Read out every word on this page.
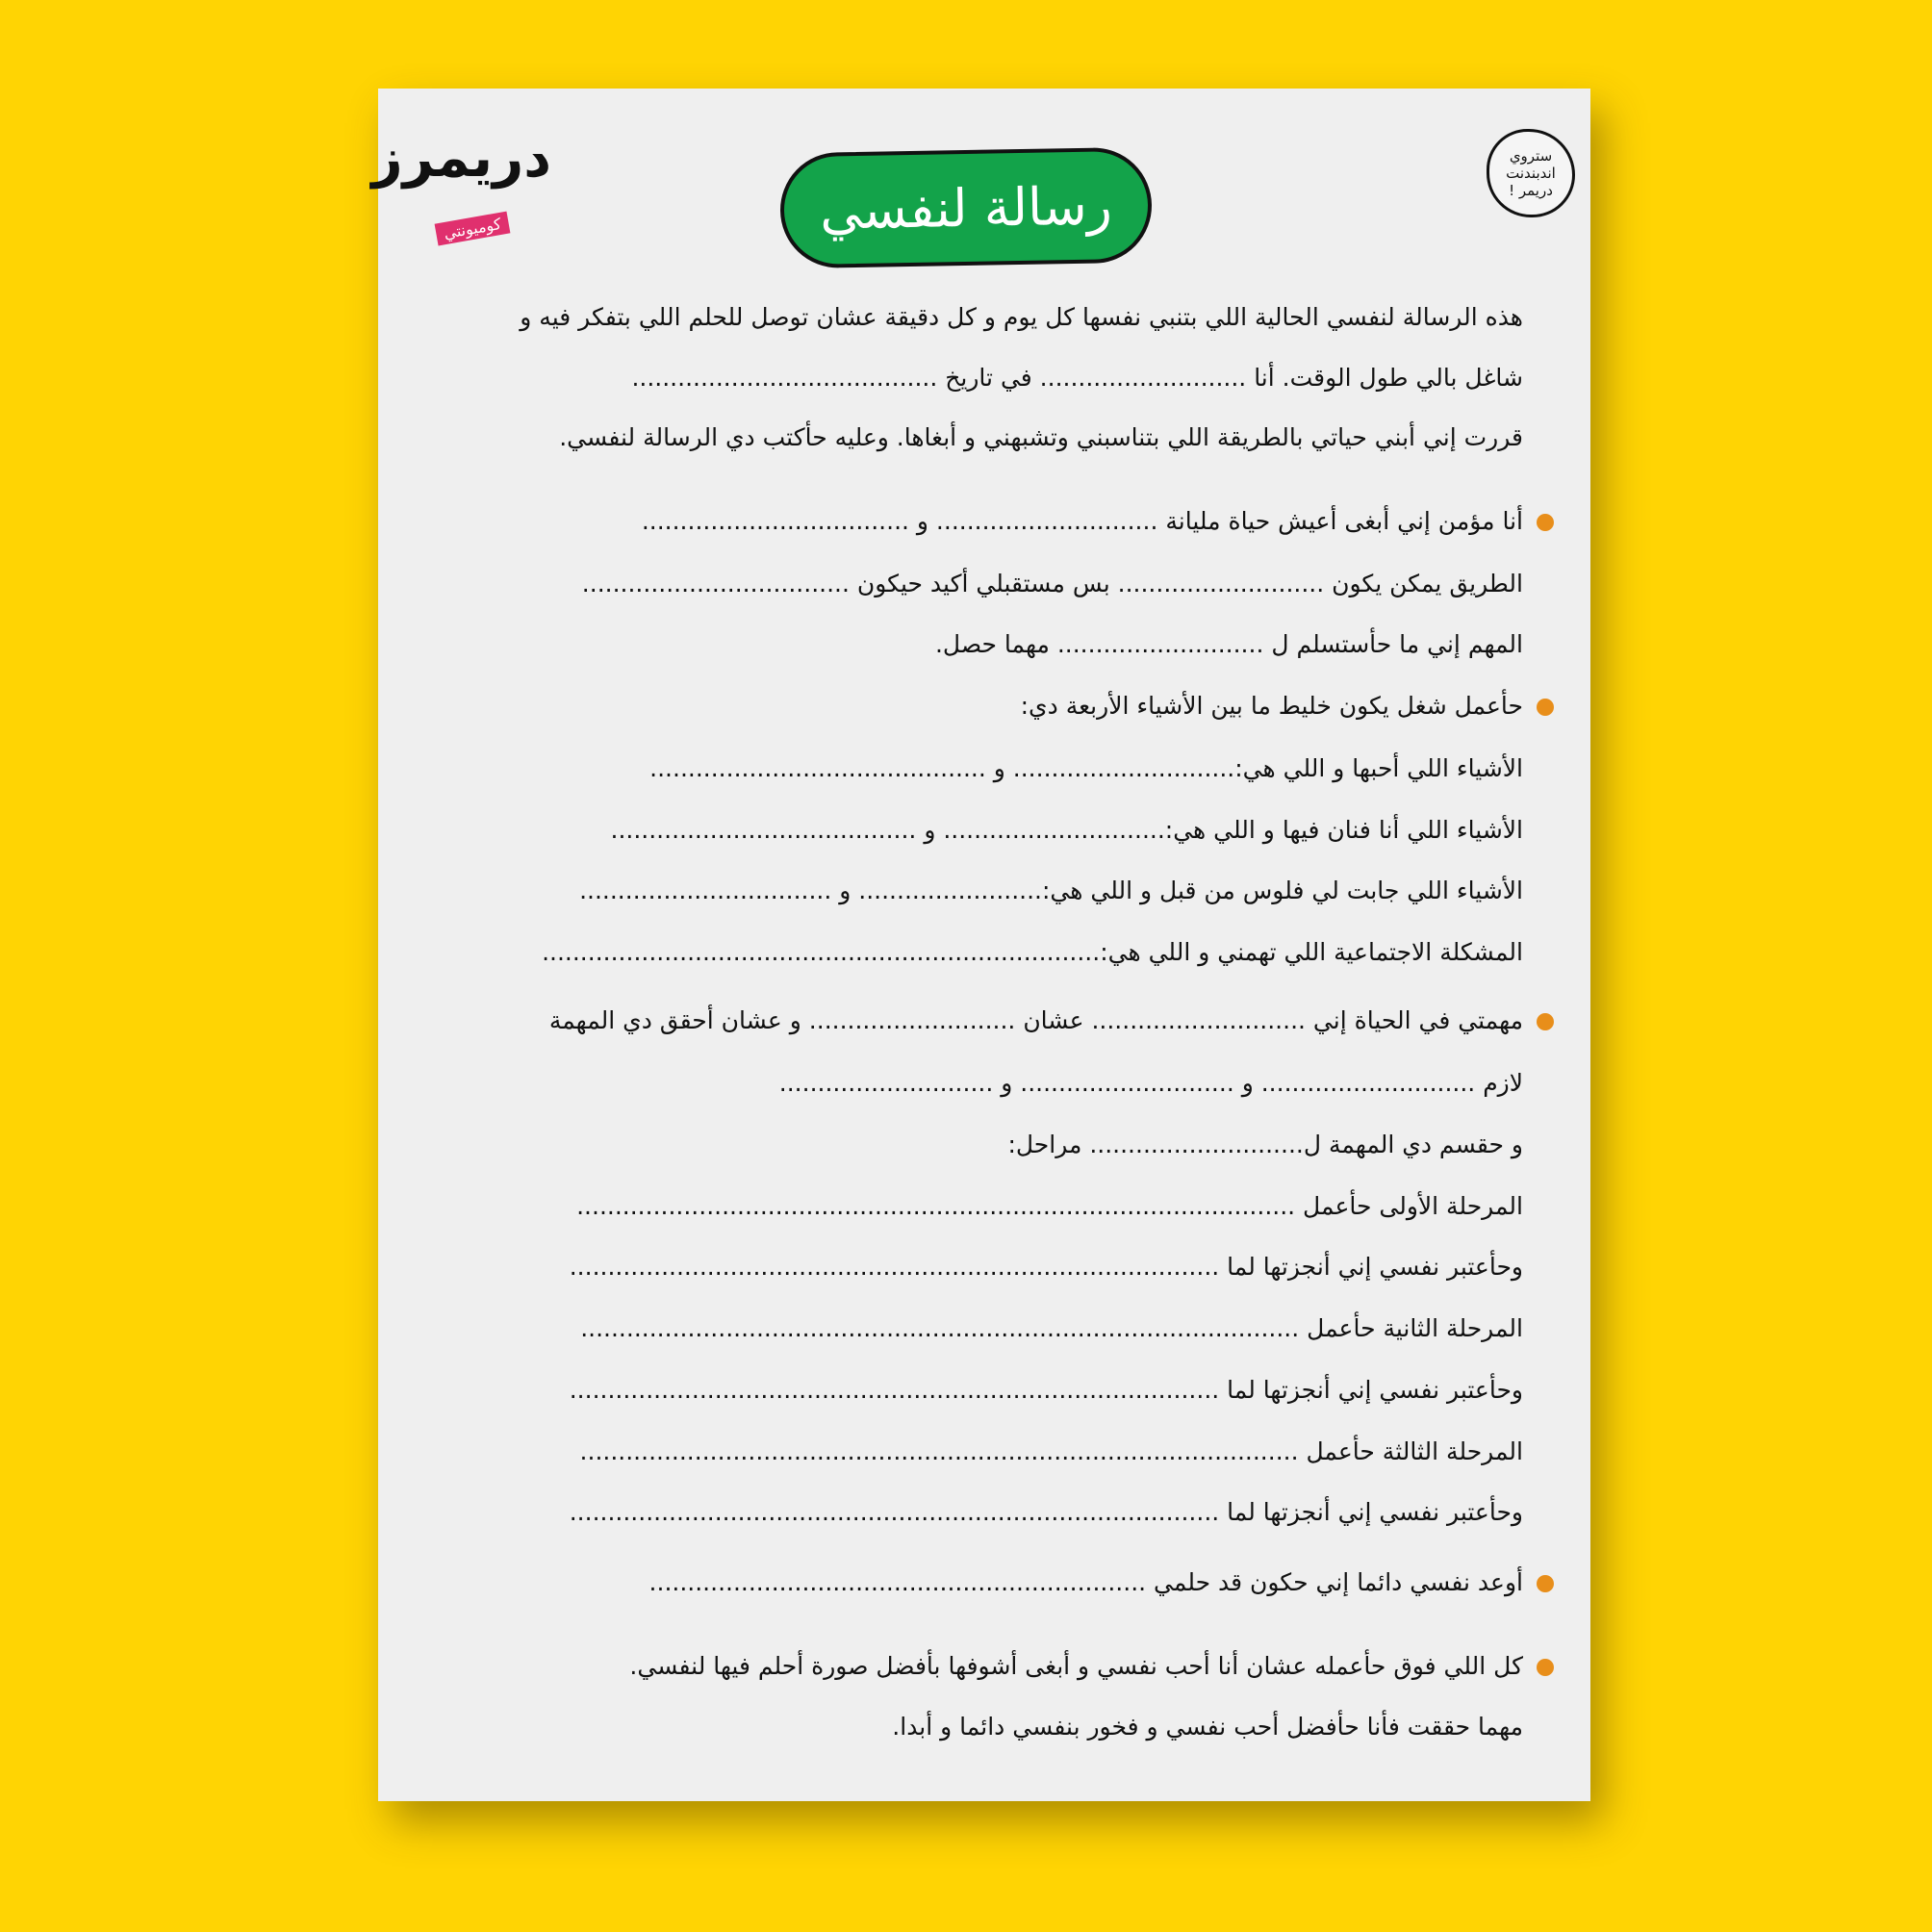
دريمرز
كوميونتي	رسالة لنفسي
ستروي
اندبندنت
دريمر !
هذه الرسالة لنفسي الحالية اللي بتنبي نفسها كل يوم و كل دقيقة عشان توصل للحلم اللي بتفكر فيه و
شاغل بالي طول الوقت. أنا ........................... في تاريخ ........................................
قررت إني أبني حياتي بالطريقة اللي بتناسبني وتشبهني و أبغاها. وعليه حأكتب دي الرسالة لنفسي.
أنا مؤمن إني أبغى أعيش حياة مليانة ............................. و ...................................
الطريق يمكن يكون ........................... بس مستقبلي أكيد حيكون ...................................
المهم إني ما حأستسلم ل ........................... مهما حصل.
حأعمل شغل يكون خليط ما بين الأشياء الأربعة دي:
الأشياء اللي أحبها و اللي هي:............................. و ............................................
الأشياء اللي أنا فنان فيها و اللي هي:............................. و ........................................
الأشياء اللي جابت لي فلوس من قبل و اللي هي:........................ و .................................
المشكلة الاجتماعية اللي تهمني و اللي هي:.........................................................................
مهمتي في الحياة إني ............................ عشان ........................... و عشان أحقق دي المهمة
لازم ............................ و ............................ و ............................
و حقسم دي المهمة ل............................ مراحل:
المرحلة الأولى حأعمل ..............................................................................................
وحأعتبر نفسي إني أنجزتها لما .....................................................................................
المرحلة الثانية حأعمل ..............................................................................................
وحأعتبر نفسي إني أنجزتها لما .....................................................................................
المرحلة الثالثة حأعمل ..............................................................................................
وحأعتبر نفسي إني أنجزتها لما .....................................................................................
أوعد نفسي دائما إني حكون قد حلمي .................................................................
كل اللي فوق حأعمله عشان أنا أحب نفسي و أبغى أشوفها بأفضل صورة أحلم فيها لنفسي.
مهما حققت فأنا حأفضل أحب نفسي و فخور بنفسي دائما و أبدا.
